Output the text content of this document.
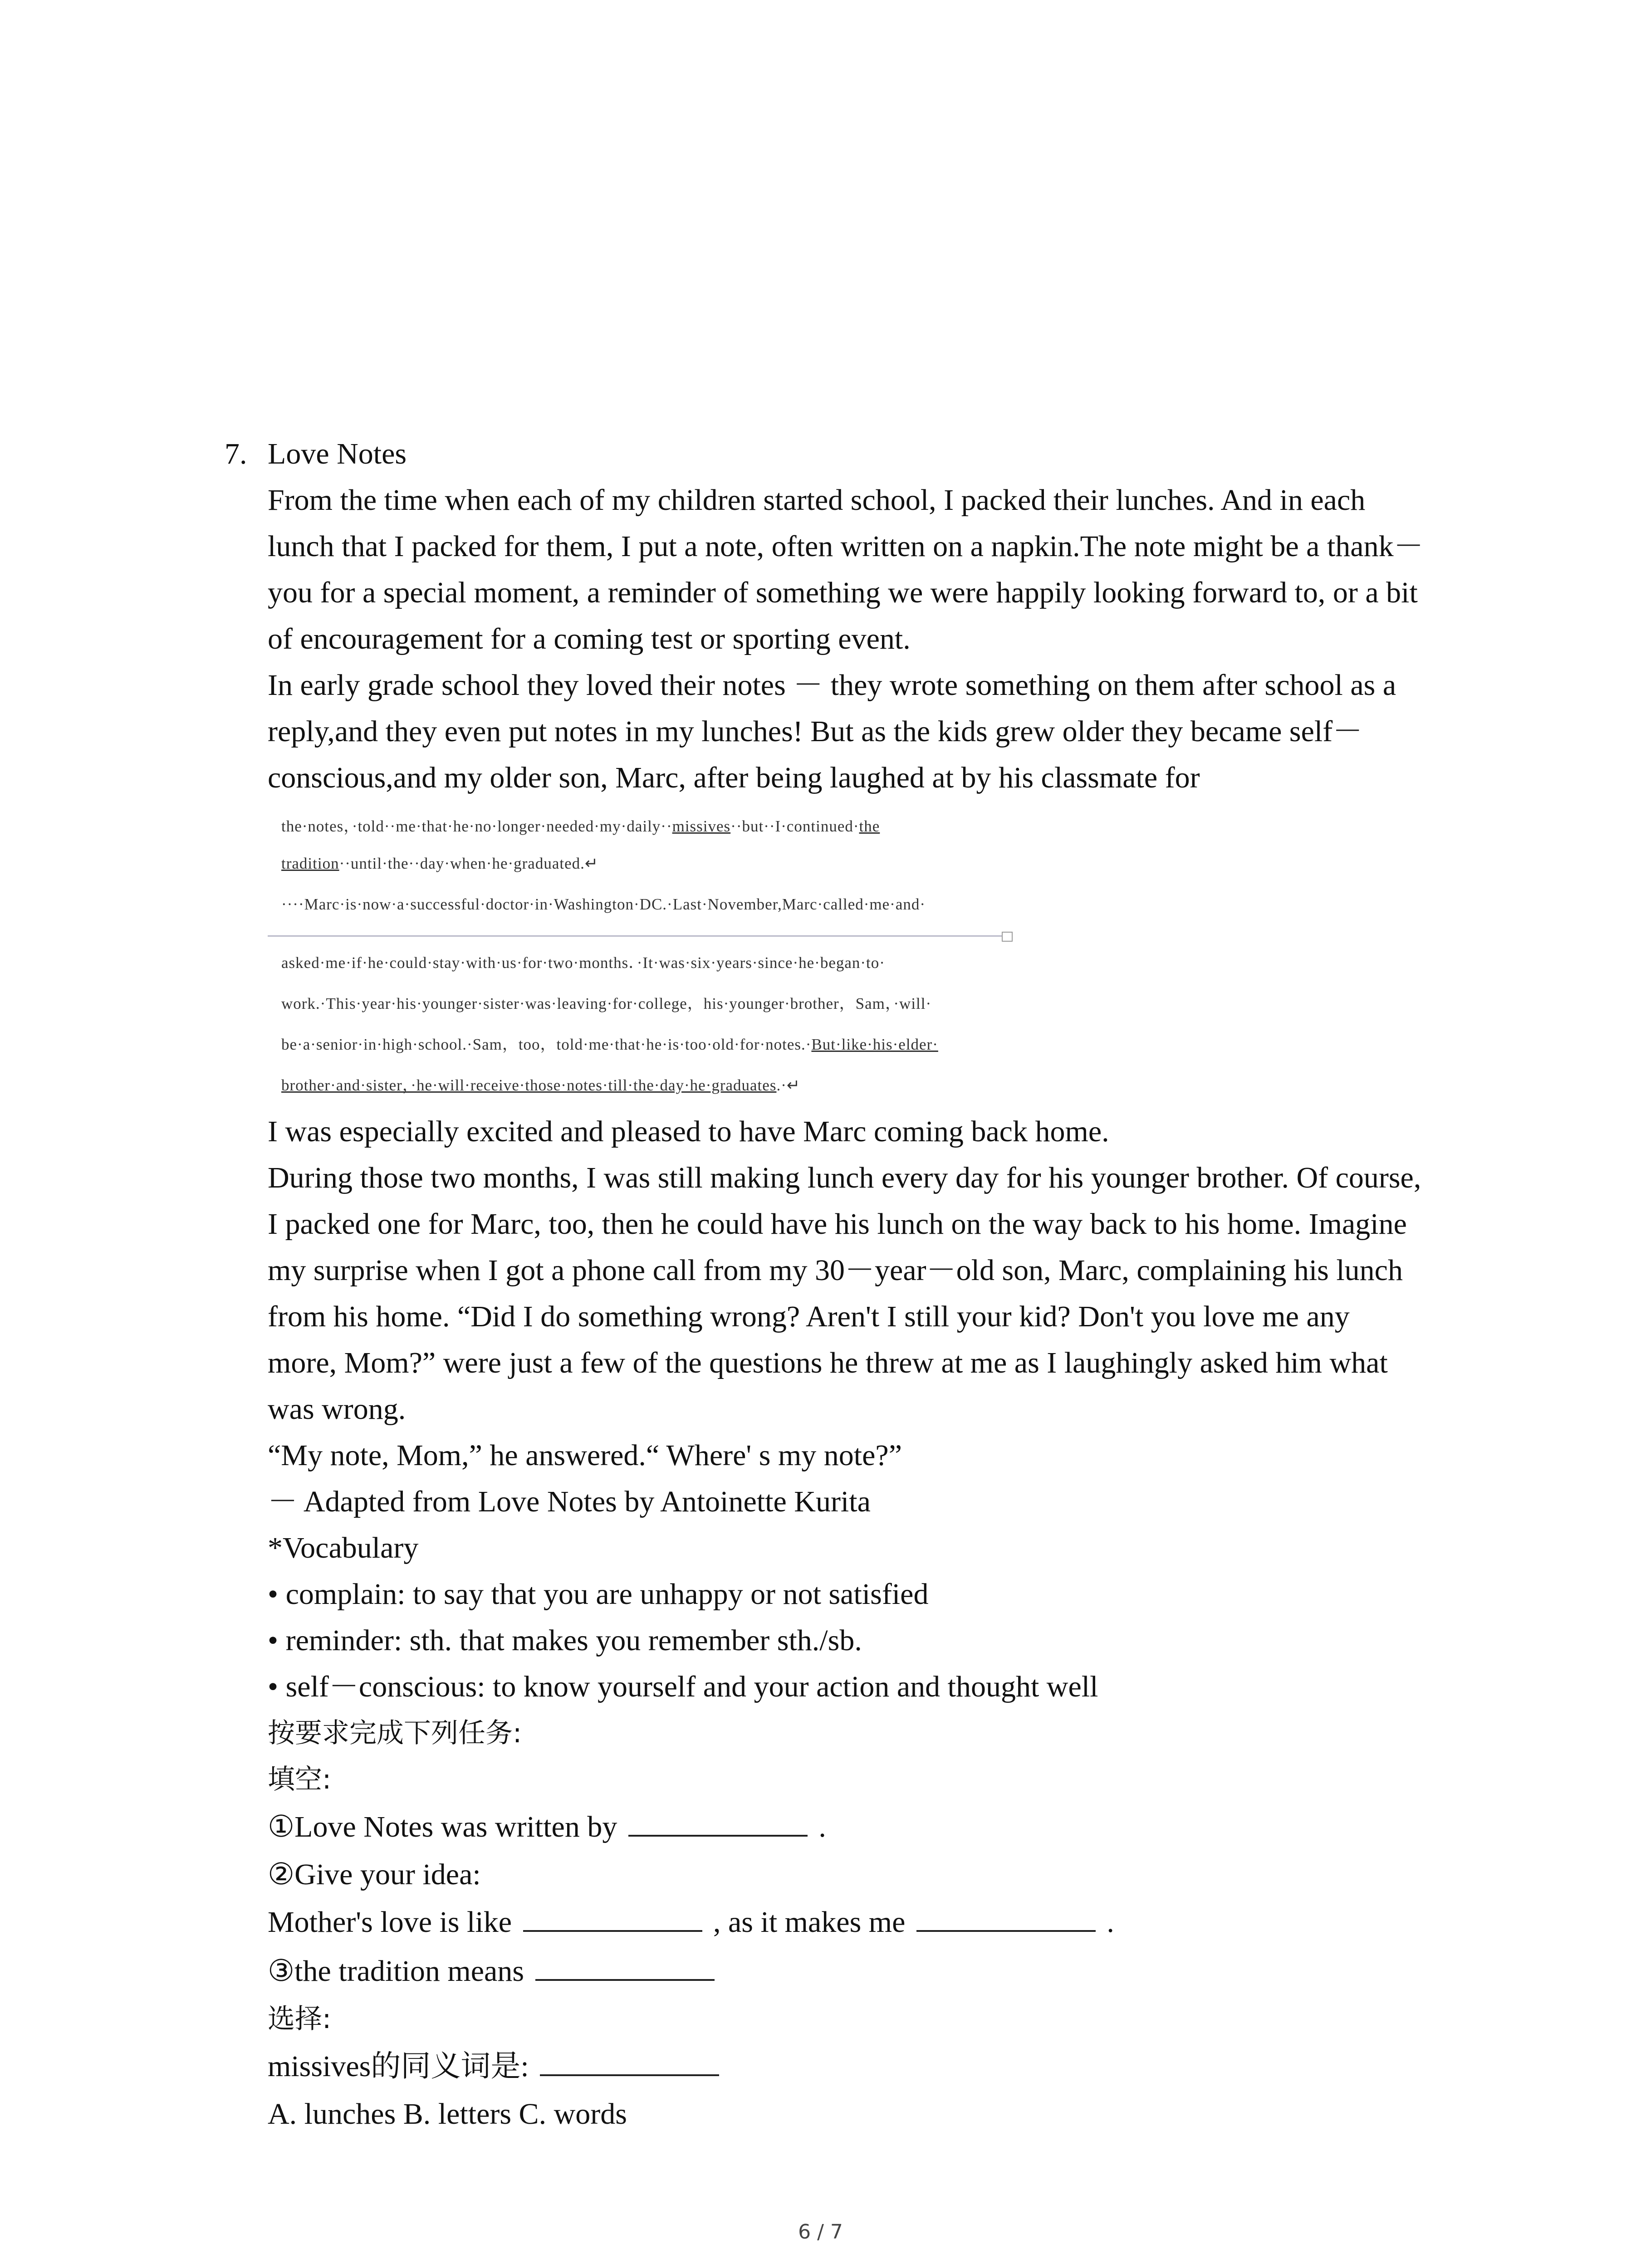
7. Love Notes
From the time when each of my children started school, I packed their lunches. And in each
lunch that I packed for them, I put a note, often written on a napkin.The note might be a thank－
you for a special moment, a reminder of something we were happily looking forward to, or a bit
of encouragement for a coming test or sporting event.
In early grade school they loved their notes － they wrote something on them after school as a
reply,and they even put notes in my lunches! But as the kids grew older they became self－
conscious,and my older son, Marc, after being laughed at by his classmate for
the·notes，·told··me·that·he·no·longer·needed·my·daily··missives··but··I·continued·the
tradition··until·the··day·when·he·graduated.↵
····Marc·is·now·a·successful·doctor·in·Washington·DC.·Last·November,Marc·called·me·and·
asked·me·if·he·could·stay·with·us·for·two·months．·It·was·six·years·since·he·began·to·
work.·This·year·his·younger·sister·was·leaving·for·college，his·younger·brother，Sam，·will·
be·a·senior·in·high·school.·Sam，too，told·me·that·he·is·too·old·for·notes.·But·like·his·elder·
brother·and·sister，·he·will·receive·those·notes·till·the·day·he·graduates.·↵
I was especially excited and pleased to have Marc coming back home.
During those two months, I was still making lunch every day for his younger brother. Of course,
I packed one for Marc, too, then he could have his lunch on the way back to his home. Imagine
my surprise when I got a phone call from my 30－year－old son, Marc, complaining his lunch
from his home. “Did I do something wrong? Aren't I still your kid? Don't you love me any
more, Mom?” were just a few of the questions he threw at me as I laughingly asked him what
was wrong.
“My note, Mom,” he answered.“ Where' s my note?”
－ Adapted from Love Notes by Antoinette Kurita
*Vocabulary
• complain: to say that you are unhappy or not satisfied
• reminder: sth. that makes you remember sth./sb.
• self－conscious: to know yourself and your action and thought well
按要求完成下列任务:
填空:
①Love Notes was written by	.
②Give your idea:
Mother's love is like	, as it makes me	.
③the tradition means
选择:
missives的同义词是:
A. lunches B. letters C. words
6 / 7
